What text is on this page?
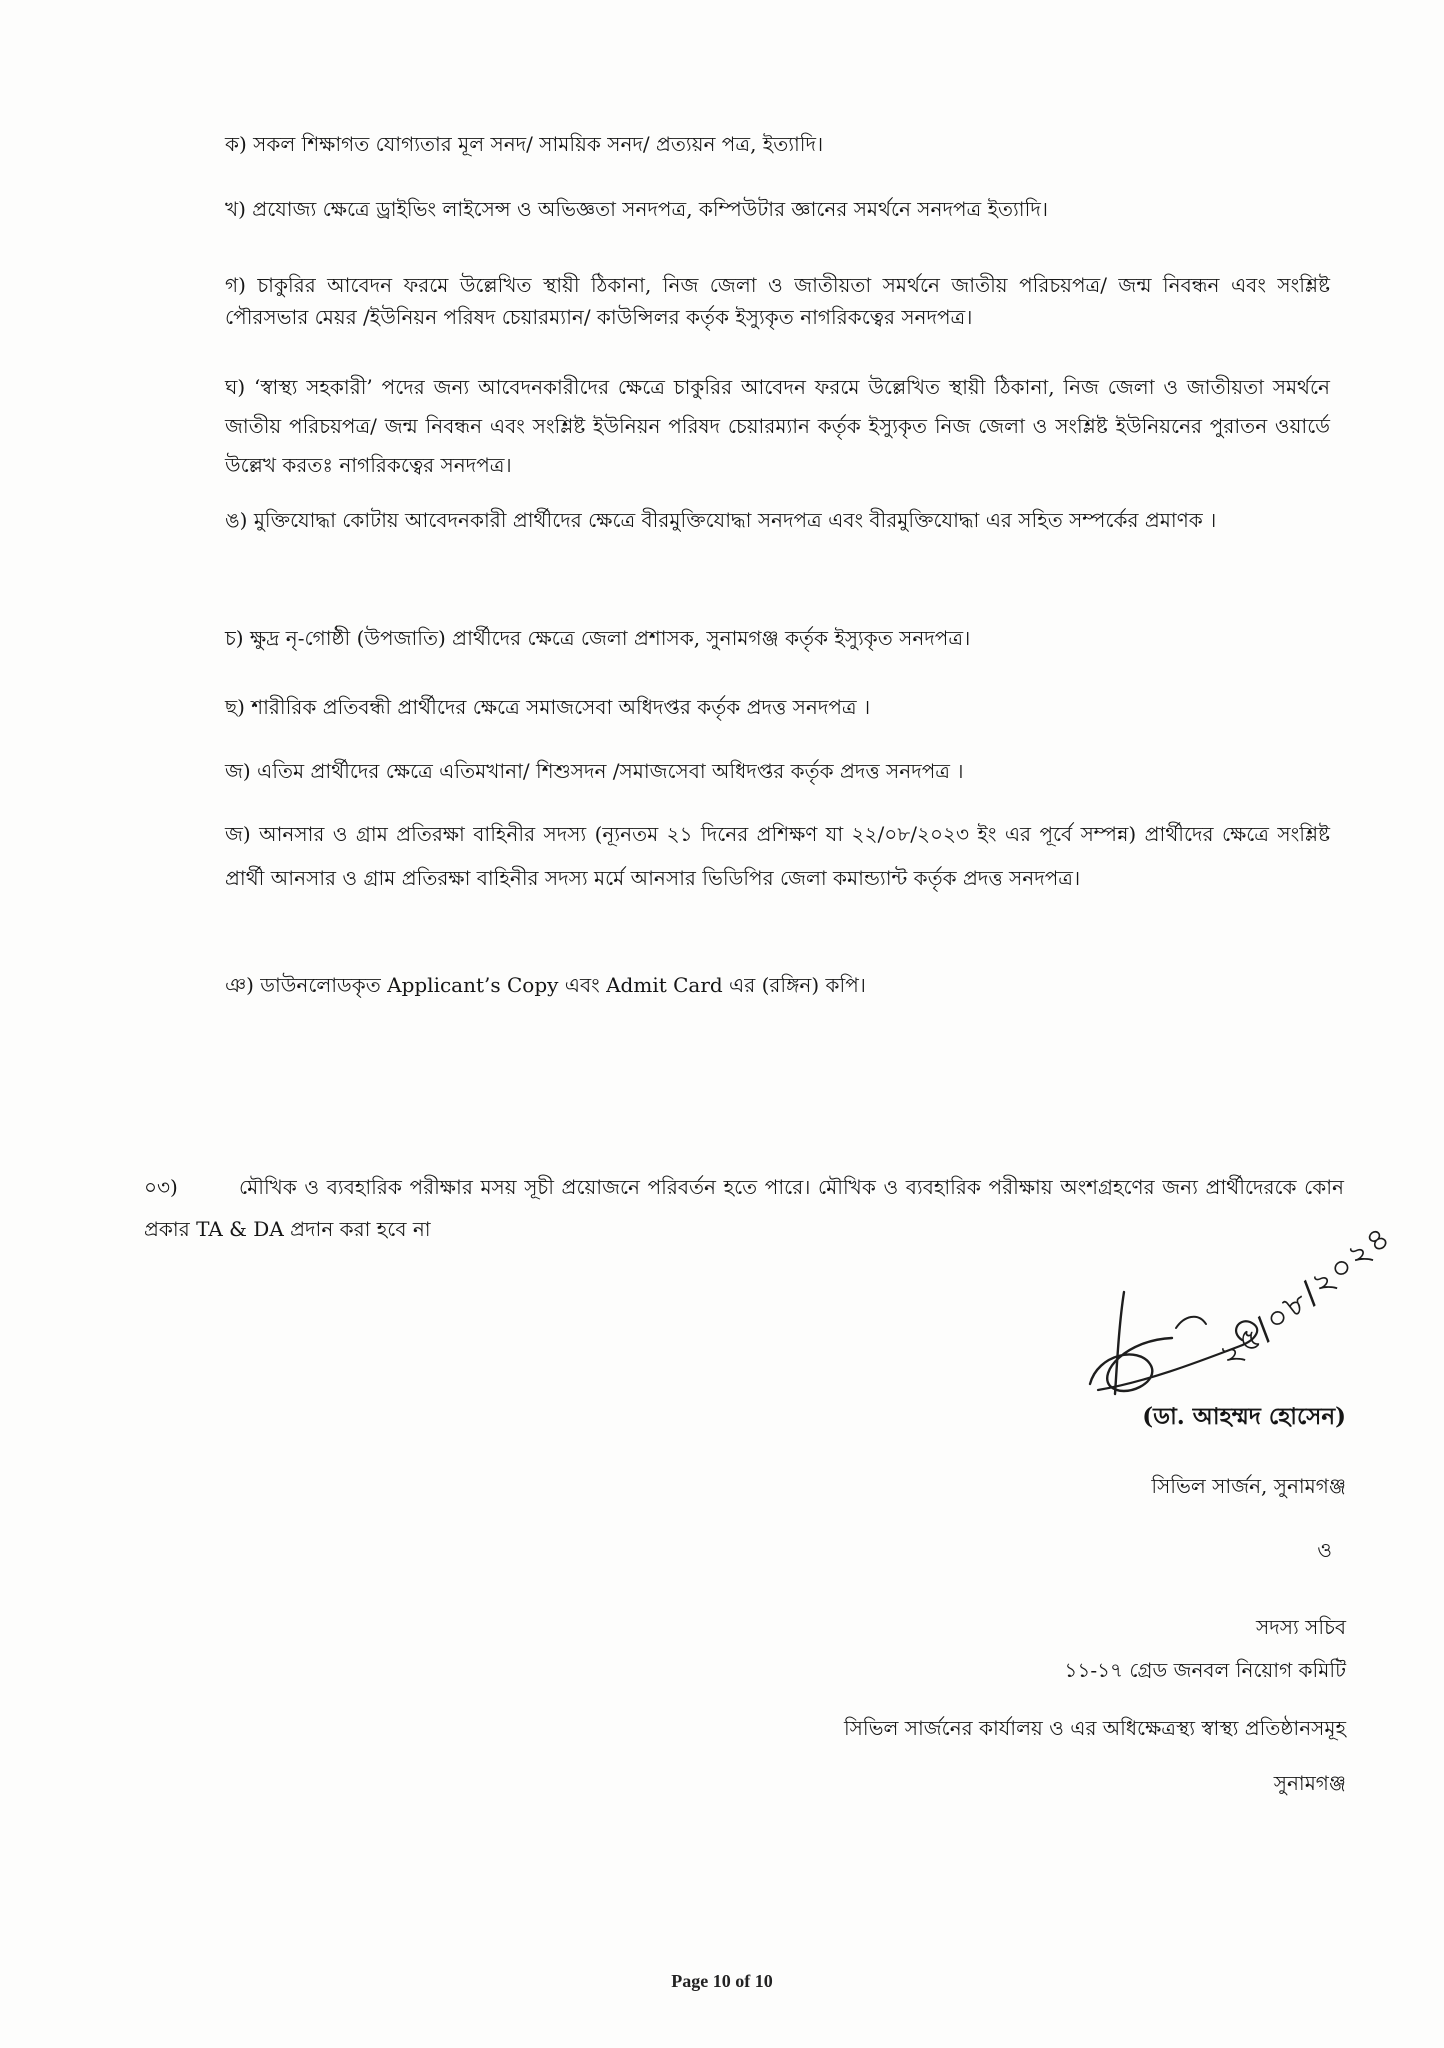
ক) সকল শিক্ষাগত যোগ্যতার মূল সনদ/ সাময়িক সনদ/ প্রত্যয়ন পত্র, ইত্যাদি।

খ) প্রযোজ্য ক্ষেত্রে ড্রাইভিং লাইসেন্স ও অভিজ্ঞতা সনদপত্র, কম্পিউটার জ্ঞানের সমর্থনে সনদপত্র ইত্যাদি।

গ) চাকুরির আবেদন ফরমে উল্লেখিত স্থায়ী ঠিকানা, নিজ জেলা ও জাতীয়তা সমর্থনে জাতীয় পরিচয়পত্র/ জন্ম নিবন্ধন এবং সংশ্লিষ্ট পৌরসভার মেয়র /ইউনিয়ন পরিষদ চেয়ারম্যান/ কাউন্সিলর কর্তৃক ইস্যুকৃত নাগরিকত্বের সনদপত্র।

ঘ) ‘স্বাস্থ্য সহকারী’ পদের জন্য আবেদনকারীদের ক্ষেত্রে চাকুরির আবেদন ফরমে উল্লেখিত স্থায়ী ঠিকানা, নিজ জেলা ও জাতীয়তা সমর্থনে জাতীয় পরিচয়পত্র/ জন্ম নিবন্ধন এবং সংশ্লিষ্ট ইউনিয়ন পরিষদ চেয়ারম্যান কর্তৃক ইস্যুকৃত নিজ জেলা ও সংশ্লিষ্ট ইউনিয়নের পুরাতন ওয়ার্ডে উল্লেখ করতঃ নাগরিকত্বের সনদপত্র।

ঙ) মুক্তিযোদ্ধা কোটায় আবেদনকারী প্রার্থীদের ক্ষেত্রে বীরমুক্তিযোদ্ধা সনদপত্র এবং বীরমুক্তিযোদ্ধা এর সহিত সম্পর্কের প্রমাণক ।

চ) ক্ষুদ্র নৃ-গোষ্ঠী (উপজাতি) প্রার্থীদের ক্ষেত্রে জেলা প্রশাসক, সুনামগঞ্জ কর্তৃক ইস্যুকৃত সনদপত্র।

ছ) শারীরিক প্রতিবন্ধী প্রার্থীদের ক্ষেত্রে সমাজসেবা অধিদপ্তর কর্তৃক প্রদত্ত সনদপত্র ।

জ) এতিম প্রার্থীদের ক্ষেত্রে এতিমখানা/ শিশুসদন /সমাজসেবা অধিদপ্তর কর্তৃক প্রদত্ত সনদপত্র ।

জ) আনসার ও গ্রাম প্রতিরক্ষা বাহিনীর সদস্য (ন্যূনতম ২১ দিনের প্রশিক্ষণ যা ২২/০৮/২০২৩ ইং এর পূর্বে সম্পন্ন) প্রার্থীদের ক্ষেত্রে সংশ্লিষ্ট প্রার্থী আনসার ও গ্রাম প্রতিরক্ষা বাহিনীর সদস্য মর্মে আনসার ভিডিপির জেলা কমান্ড্যান্ট কর্তৃক প্রদত্ত সনদপত্র।

ঞ) ডাউনলোডকৃত Applicant’s Copy এবং Admit Card এর (রঙ্গিন) কপি।

০৩)	মৌখিক ও ব্যবহারিক পরীক্ষার মসয় সূচী প্রয়োজনে পরিবর্তন হতে পারে। মৌখিক ও ব্যবহারিক পরীক্ষায় অংশগ্রহণের জন্য প্রার্থীদেরকে কোন প্রকার TA & DA প্রদান করা হবে না	২৫/০৮/২০২৪
(ডা. আহম্মদ হোসেন)
সিভিল সার্জন, সুনামগঞ্জ
ও
সদস্য সচিব
১১-১৭ গ্রেড জনবল নিয়োগ কমিটি
সিভিল সার্জনের কার্যালয় ও এর অধিক্ষেত্রস্থ্য স্বাস্থ্য প্রতিষ্ঠানসমূহ
সুনামগঞ্জ
Page 10 of 10
